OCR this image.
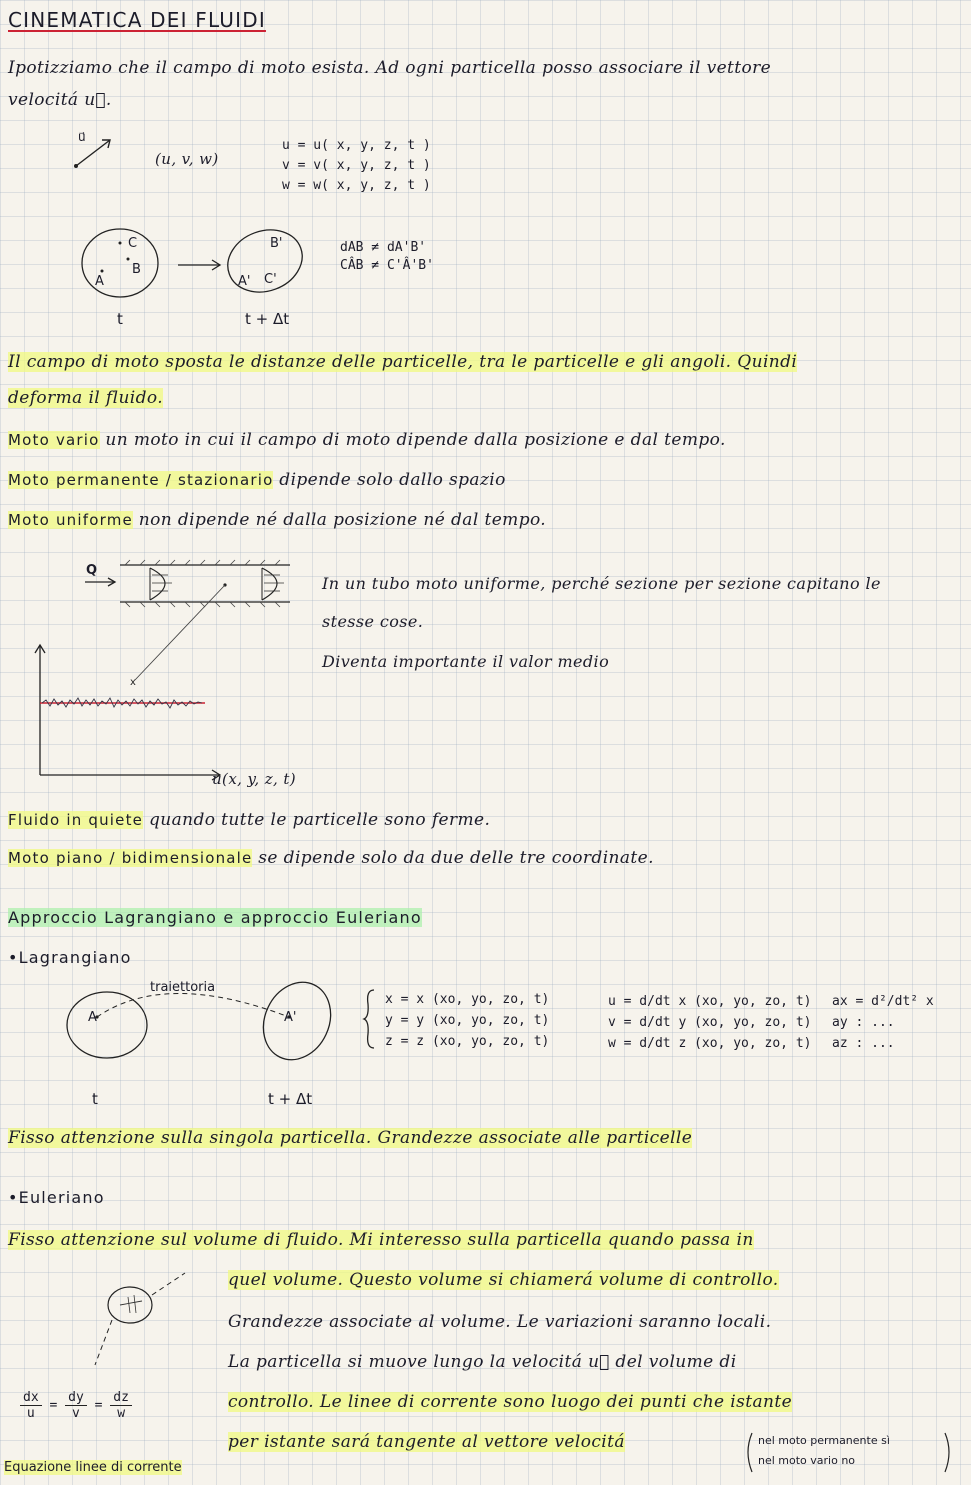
CINEMATICA DEI FLUIDI
Ipotizziamo che il campo di moto esista. Ad ogni particella posso associare il vettore
velocitá u⃗.
u⃗
(u, v, w)
u = u( x, y, z, t )
v = v( x, y, z, t )
w = w( x, y, z, t )
C
B
A
B'
A' C'
dAB ≠ dA'B'
CÂB ≠ C'Â'B'
t	t + Δt
Il campo di moto sposta le distanze delle particelle, tra le particelle e gli angoli. Quindi
deforma il fluido.
Moto vario un moto in cui il campo di moto dipende dalla posizione e dal tempo.
Moto permanente / stazionario dipende solo dallo spazio
Moto uniforme non dipende né dalla posizione né dal tempo.
Q
In un tubo moto uniforme, perché sezione per sezione capitano le
stesse cose.
Diventa importante il valor medio
x
u(x, y, z, t)
Fluido in quiete quando tutte le particelle sono ferme.
Moto piano / bidimensionale se dipende solo da due delle tre coordinate.
Approccio Lagrangiano e approccio Euleriano
•Lagrangiano
traiettoria
A	A'
t	t + Δt
x = x (xo, yo, zo, t)
y = y (xo, yo, zo, t)
z = z (xo, yo, zo, t)
u = d/dt x (xo, yo, zo, t)
v = d/dt y (xo, yo, zo, t)
w = d/dt z (xo, yo, zo, t)
ax = d²/dt² x
ay : ...
az : ...
Fisso attenzione sulla singola particella. Grandezze associate alle particelle
•Euleriano
Fisso attenzione sul volume di fluido. Mi interesso sulla particella quando passa in
quel volume. Questo volume si chiamerá volume di controllo.
Grandezze associate al volume. Le variazioni saranno locali.
La particella si muove lungo la velocitá u⃗ del volume di
controllo. Le linee di corrente sono luogo dei punti che istante
per istante sará tangente al vettore velocitá
$\frac{dx}{u} = \frac{dy}{v} = \frac{dz}{w}$
Equazione linee di corrente
nel moto permanente sì
nel moto vario no
